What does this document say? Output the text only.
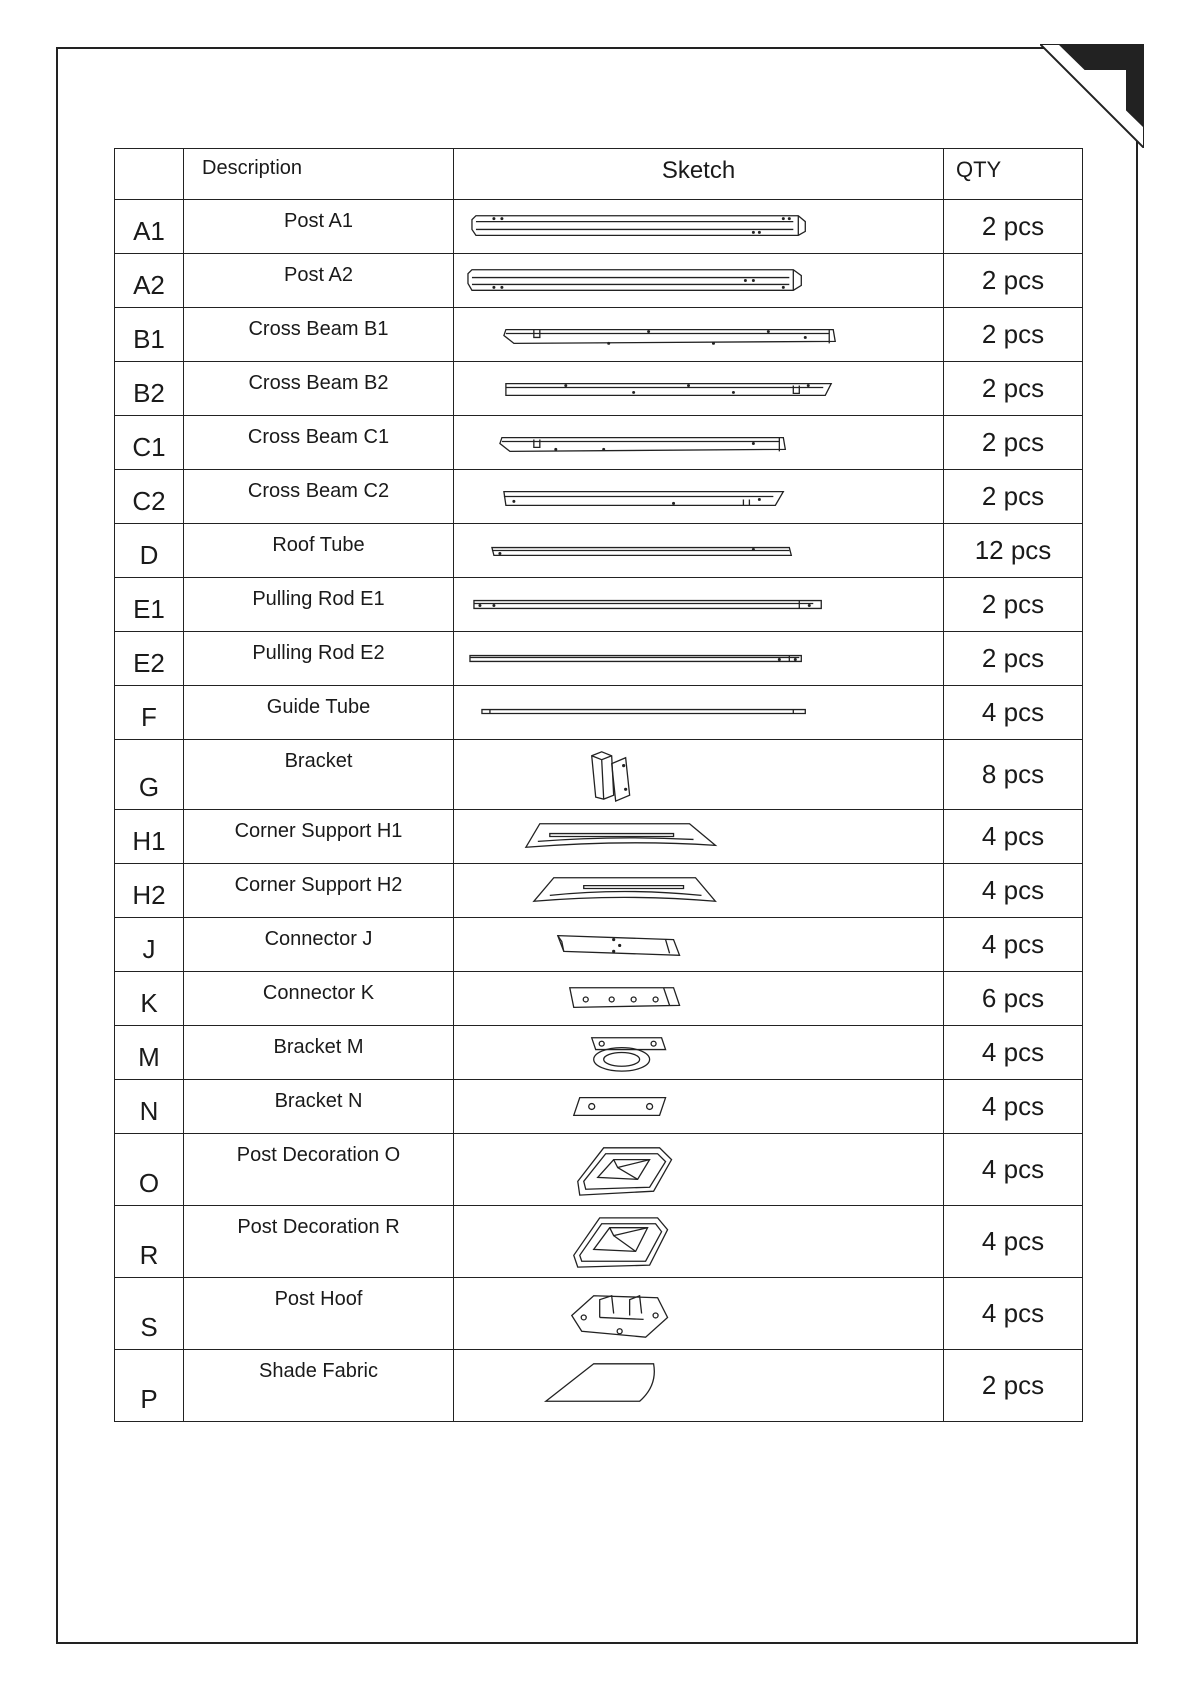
	Description	Sketch	QTY
A1	Post A1		2 pcs
A2	Post A2		2 pcs
B1	Cross Beam B1		2 pcs
B2	Cross Beam B2		2 pcs
C1	Cross Beam C1		2 pcs
C2	Cross Beam C2		2 pcs
D	Roof Tube		12 pcs
E1	Pulling Rod E1		2 pcs
E2	Pulling Rod E2		2 pcs
F	Guide Tube		4 pcs
G	Bracket		8 pcs
H1	Corner Support H1		4 pcs
H2	Corner Support H2		4 pcs
J	Connector J		4 pcs
K	Connector K		6 pcs
M	Bracket M		4 pcs
N	Bracket N		4 pcs
O	Post Decoration O		4 pcs
R	Post Decoration R		4 pcs
S	Post Hoof		4 pcs
P	Shade Fabric		2 pcs
